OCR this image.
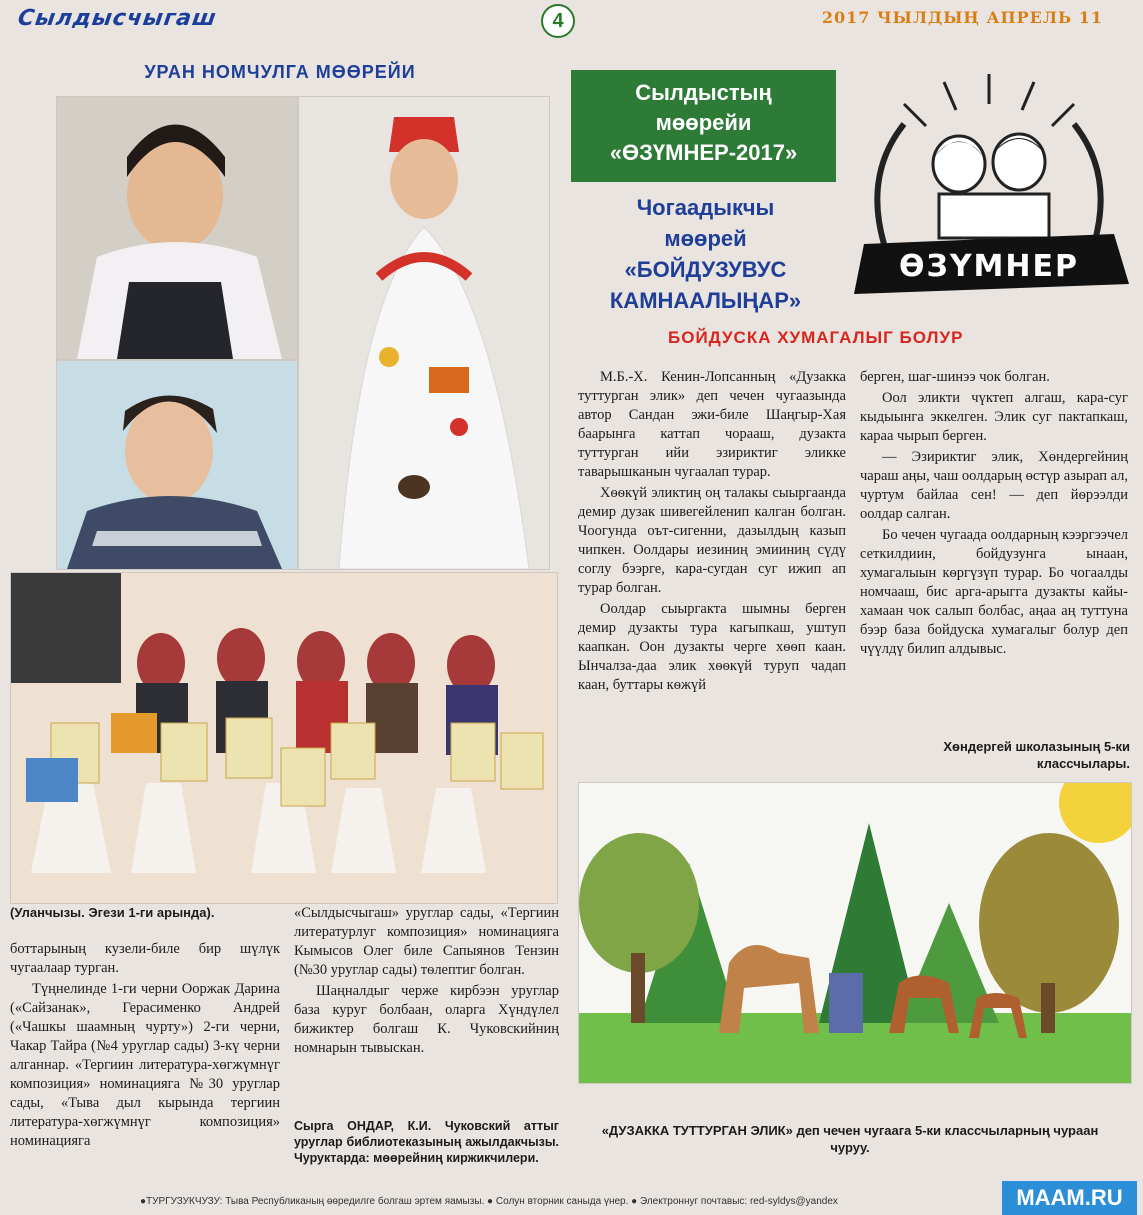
Сылдысчыгаш	4	2017 ЧЫЛДЫҢ АПРЕЛЬ 11
УРАН НОМЧУЛГА МӨӨРЕЙИ
(Уланчызы. Эгези 1-ги арында).

боттарының кузели-биле бир шүлүк чугаалаар турган.

Түңнелинде 1-ги черни Ооржак Дарина («Сайзанак», Герасименко Андрей («Чашкы шаамның чурту») 2-ги черни, Чакар Тайра (№4 уруглар сады) 3-кү черни алганнар. «Тергиин литература-хөгжүмнүг композиция» номинацияга №30 уруглар сады, «Тыва дыл кырында тергиин литература-хөгжүмнүг композиция» номинацияга

«Сылдысчыгаш» уруглар сады, «Тергиин литературлуг композиция» номинацияга Кымысов Олег биле Сапыянов Тензин (№30 уруглар сады) тѳлептиг болган.

Шаңналдыг черже кирбээн уруглар база куруг болбаан, оларга Хүндүлел бижиктер болгаш К. Чуковскийниң номнарын тывыскан.

Сырга ОНДАР, К.И. Чуковский аттыг уруглар библиотеказының ажылдакчызы. Чуруктарда: мөөрейниң киржикчилери.
Сылдыстың
мөөрейи
«ӨЗҮМНЕР-2017»
ӨЗҮМНЕР
Чогаадыкчы
мөөрей
«БОЙДУЗУВУС
КАМНААЛЫҢАР»
БОЙДУСКА ХУМАГАЛЫГ БОЛУР

М.Б.-Х. Кенин-Лопсанның «Дузакка туттурган элик» деп чечен чугаазында автор Сандан эжи-биле Шаңгыр-Хая баарынга каттап чорааш, дузакта туттурган ийи эзириктиг эликке таварышканын чугаалап турар.

Хѳѳкүй эликтиң оң талакы сыыргаанда демир дузак шивегейленип калган болган. Чоогунда оът-сигенни, дазылдың казып чипкен. Оолдары иезиниң эмииниң сүдү соглу бээрге, кара-сугдан суг ижип ап турар болган.

Оолдар сыыргакта шымны берген демир дузакты тура кагыпкаш, уштуп каапкан. Оон дузакты черге хѳѳп каан. Ынчалза-даа элик хѳѳкүй туруп чадап каан, буттары кѳжүй

берген, шаг-шинээ чок болган.

Оол эликти чүктеп алгаш, кара-суг кыдыынга эккелген. Элик суг пактапкаш, караа чырып берген.

— Эзириктиг элик, Хөндергейниң чараш аңы, чаш оолдарың өстүр азырап ал, чуртум байлаа сен! — деп йѳрээлди оолдар салган.

Бо чечен чугаада оолдарның кээргээчел сеткилдиин, бойдузунга ынаан, хумагалыын кѳргүзүп турар. Бо чогаалды номчааш, бис арга-арыгга дузакты кайы-хамаан чок салып болбас, аңаа аң туттуна бээр база бойдуска хумагалыг болур деп чүүлдү билип алдывыс.

Хѳндергей школазының 5-ки
классчылары.
«ДУЗАККА ТУТТУРГАН ЭЛИК» деп чечен чугаага 5-ки классчыларның чураан чуруу.
●ТУРГУЗУКЧУЗУ: Тыва Республиканың өөредилге болгаш эртем яамызы. ● Солун вторник саныда үнер. ● Электроннуг почтавыс: red-syldys@yandex	MAAM.RU
